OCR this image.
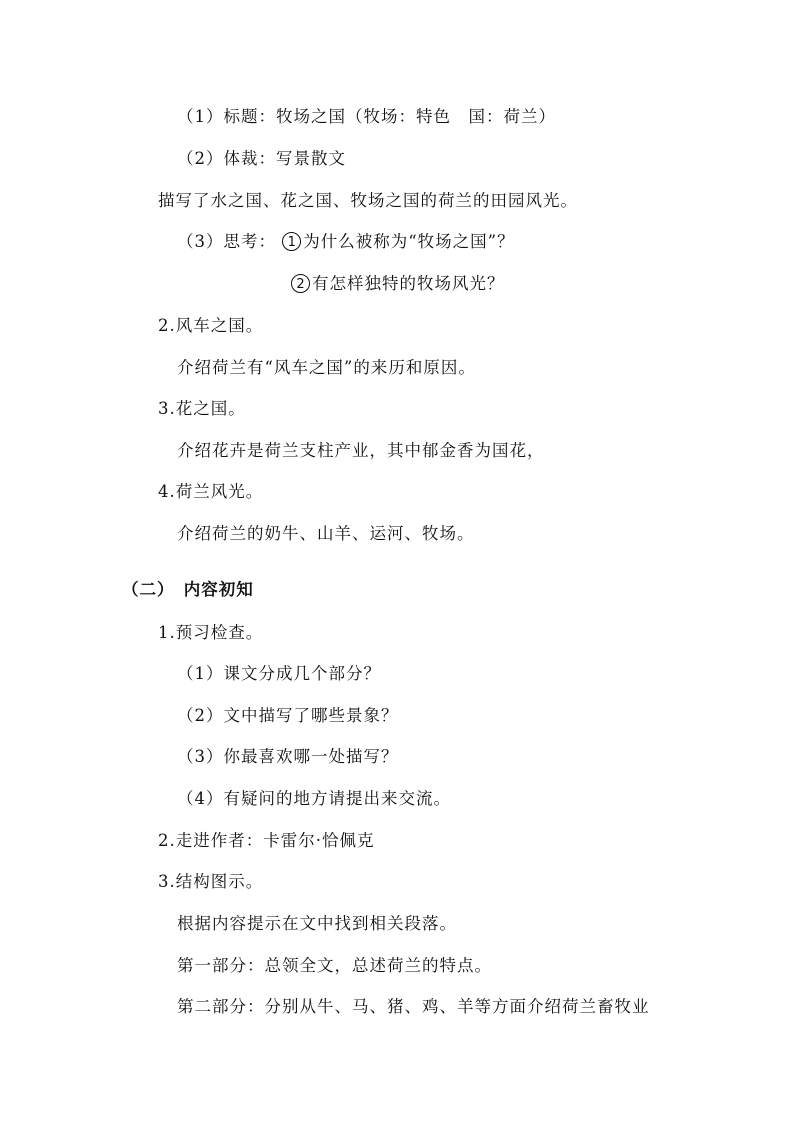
（1）标题：牧场之国（牧场：特色　国：荷兰）
（2）体裁：写景散文
描写了水之国、花之国、牧场之国的荷兰的田园风光。
（3）思考： 1 为什么被称为“牧场之国”？
2 有怎样独特的牧场风光？
2.风车之国。
介绍荷兰有“风车之国”的来历和原因。
3.花之国。
介绍花卉是荷兰支柱产业，其中郁金香为国花，
4.荷兰风光。
介绍荷兰的奶牛、山羊、运河、牧场。
（二）　内容初知
1.预习检查。
（1）课文分成几个部分？
（2）文中描写了哪些景象？
（3）你最喜欢哪一处描写？
（4）有疑问的地方请提出来交流。
2.走进作者：卡雷尔·恰佩克
3.结构图示。
根据内容提示在文中找到相关段落。
第一部分：总领全文，总述荷兰的特点。
第二部分：分别从牛、马、猪、鸡、羊等方面介绍荷兰畜牧业
